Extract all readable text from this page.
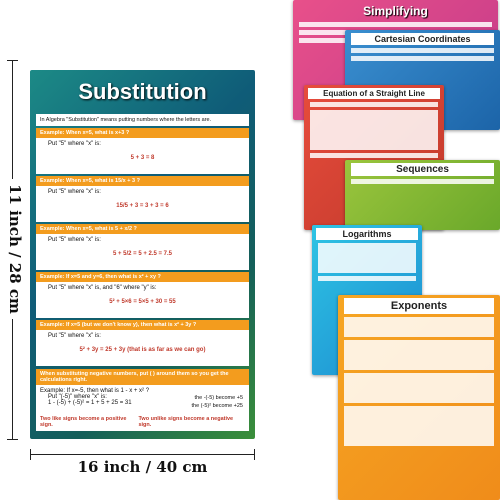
11 inch / 28 cm
16 inch / 40 cm
Substitution
In Algebra "Substitution" means putting numbers where the letters are.
Example: When x=5, what is x+3 ?
Put "5" where "x" is:
5 + 3 = 8
Example: When x=5, what is 15/x + 3 ?
Put "5" where "x" is:
15/5 + 3 = 3 + 3 = 6
Example: When x=5, what is 5 + x/2 ?
Put "5" where "x" is:
5 + 5/2 = 5 + 2.5 = 7.5
Example: If x=5 and y=6, then what is x² + xy ?
Put "5" where "x" is, and "6" where "y" is:
5² + 5×6 = 5×5 + 30 = 55
Example: If x=5 (but we don't know y), then what is x² + 3y ?
Put "5" where "x" is:
5² + 3y = 25 + 3y (that is as far as we can go)
When substituting negative numbers, put ( ) around them so you get the calculations right.
Example: If x=-5, then what is 1 - x + x² ?
Put "(-5)" where "x" is:
1 - (-5) + (-5)² = 1 + 5 + 25 = 31
the -(-5) become +5
the (-5)² become +25
Two like signs become a positive sign.
Two unlike signs become a negative sign.
Simplifying
Cartesian Coordinates
Equation of a Straight Line
Sequences
Logarithms
Exponents
